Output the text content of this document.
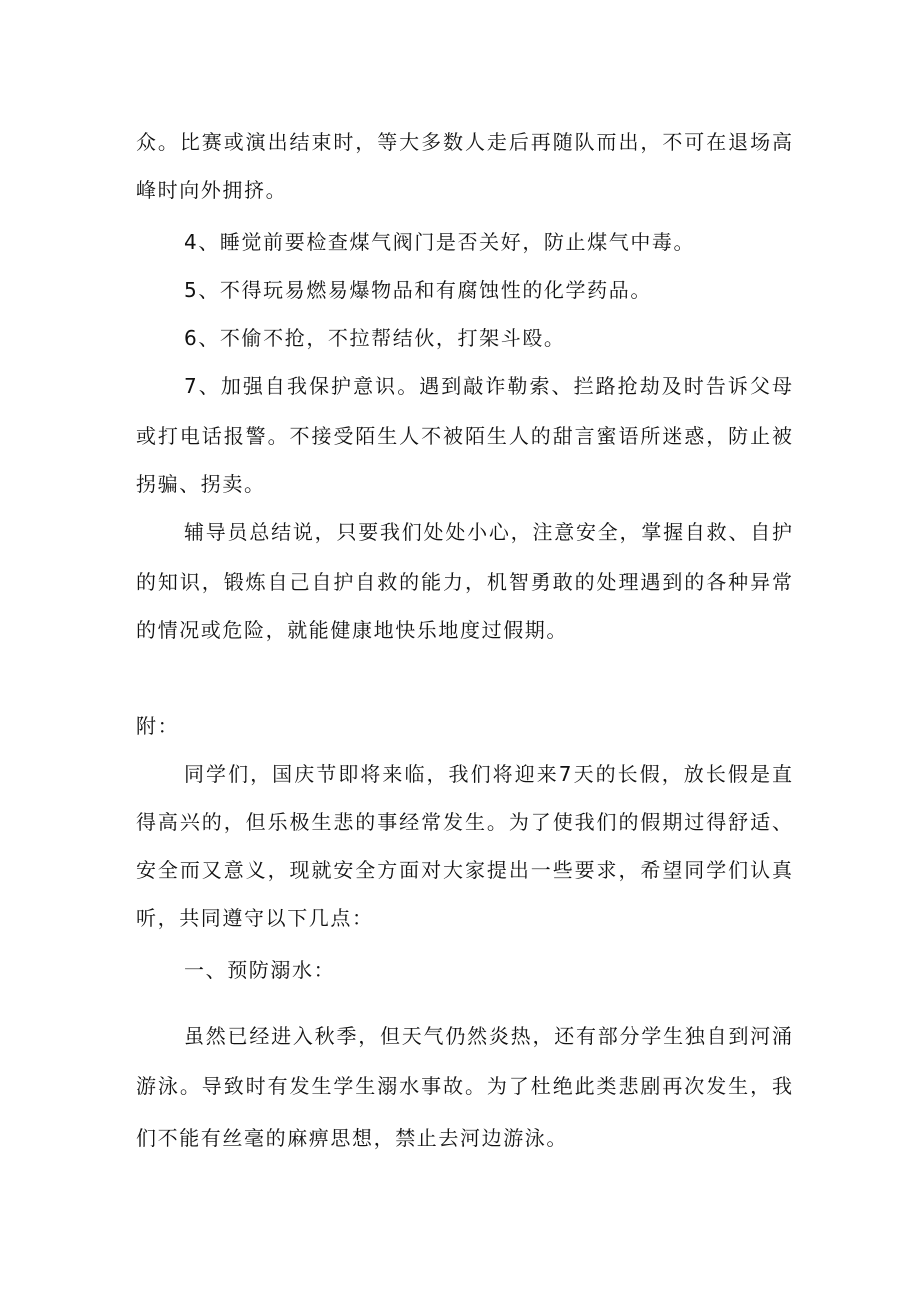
众。比赛或演出结束时，等大多数人走后再随队而出，不可在退场高
峰时向外拥挤。
4、睡觉前要检查煤气阀门是否关好，防止煤气中毒。
5、不得玩易燃易爆物品和有腐蚀性的化学药品。
6、不偷不抢，不拉帮结伙，打架斗殴。
7、加强自我保护意识。遇到敲诈勒索、拦路抢劫及时告诉父母
或打电话报警。不接受陌生人不被陌生人的甜言蜜语所迷惑，防止被
拐骗、拐卖。
辅导员总结说，只要我们处处小心，注意安全，掌握自救、自护
的知识，锻炼自己自护自救的能力，机智勇敢的处理遇到的各种异常
的情况或危险，就能健康地快乐地度过假期。
附：
同学们，国庆节即将来临，我们将迎来7天的长假，放长假是直
得高兴的，但乐极生悲的事经常发生。为了使我们的假期过得舒适、
安全而又意义，现就安全方面对大家提出一些要求，希望同学们认真
听，共同遵守以下几点：
一、预防溺水：
虽然已经进入秋季，但天气仍然炎热，还有部分学生独自到河涌
游泳。导致时有发生学生溺水事故。为了杜绝此类悲剧再次发生，我
们不能有丝毫的麻痹思想，禁止去河边游泳。
